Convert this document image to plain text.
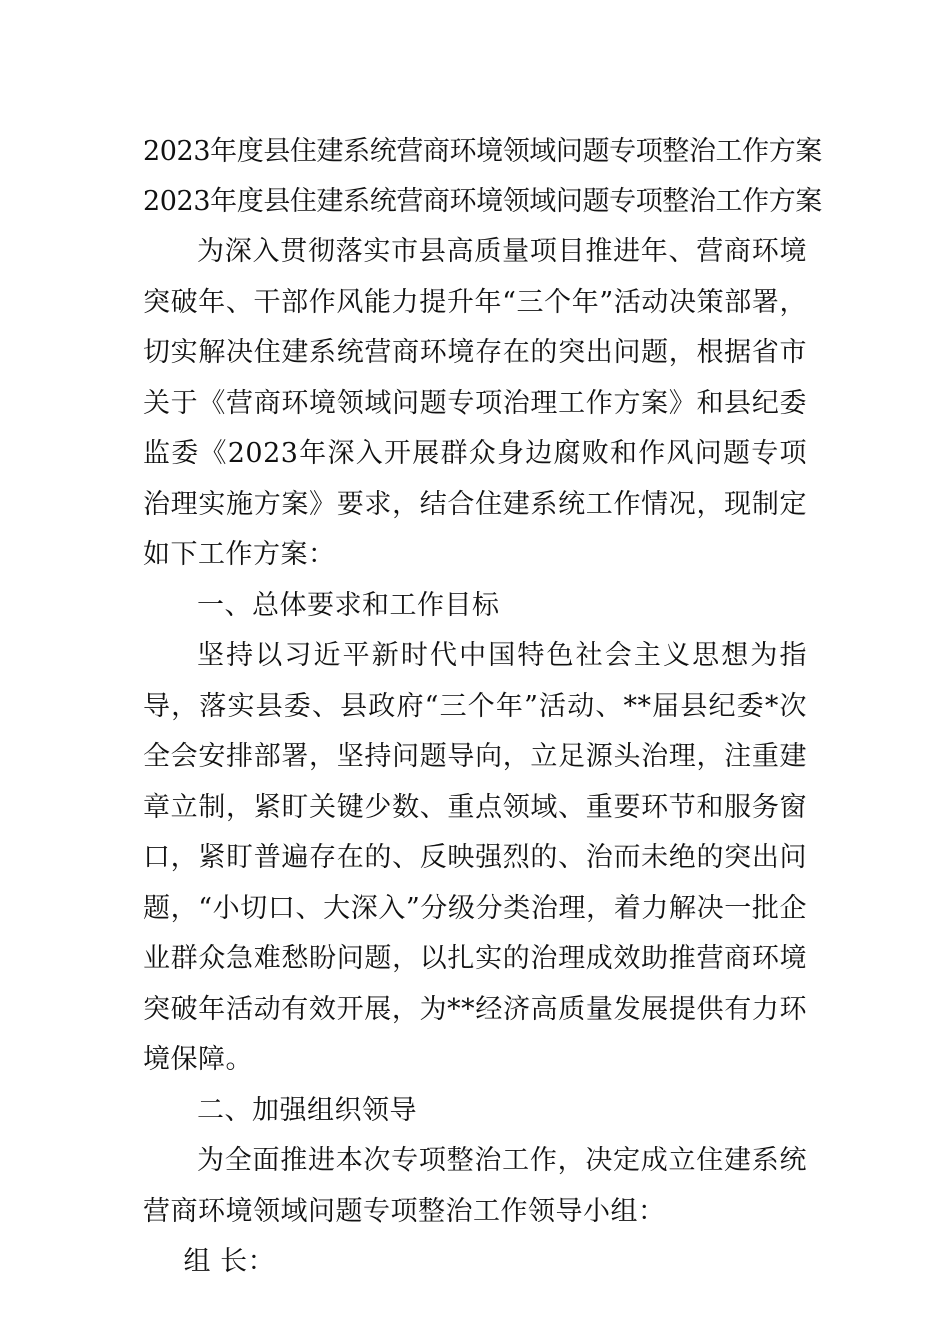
2023年度县住建系统营商环境领域问题专项整治工作方案
2023年度县住建系统营商环境领域问题专项整治工作方案

为深入贯彻落实市县高质量项目推进年、营商环境突破年、干部作风能力提升年“三个年”活动决策部署，切实解决住建系统营商环境存在的突出问题，根据省市关于《营商环境领域问题专项治理工作方案》和县纪委监委《2023年深入开展群众身边腐败和作风问题专项治理实施方案》要求，结合住建系统工作情况，现制定如下工作方案：

一、总体要求和工作目标

坚持以习近平新时代中国特色社会主义思想为指导，落实县委、县政府“三个年”活动、**届县纪委*次全会安排部署，坚持问题导向，立足源头治理，注重建章立制，紧盯关键少数、重点领域、重要环节和服务窗口，紧盯普遍存在的、反映强烈的、治而未绝的突出问题，“小切口、大深入”分级分类治理，着力解决一批企业群众急难愁盼问题，以扎实的治理成效助推营商环境突破年活动有效开展，为**经济高质量发展提供有力环境保障。

二、加强组织领导

为全面推进本次专项整治工作，决定成立住建系统营商环境领域问题专项整治工作领导小组：

组 长：
